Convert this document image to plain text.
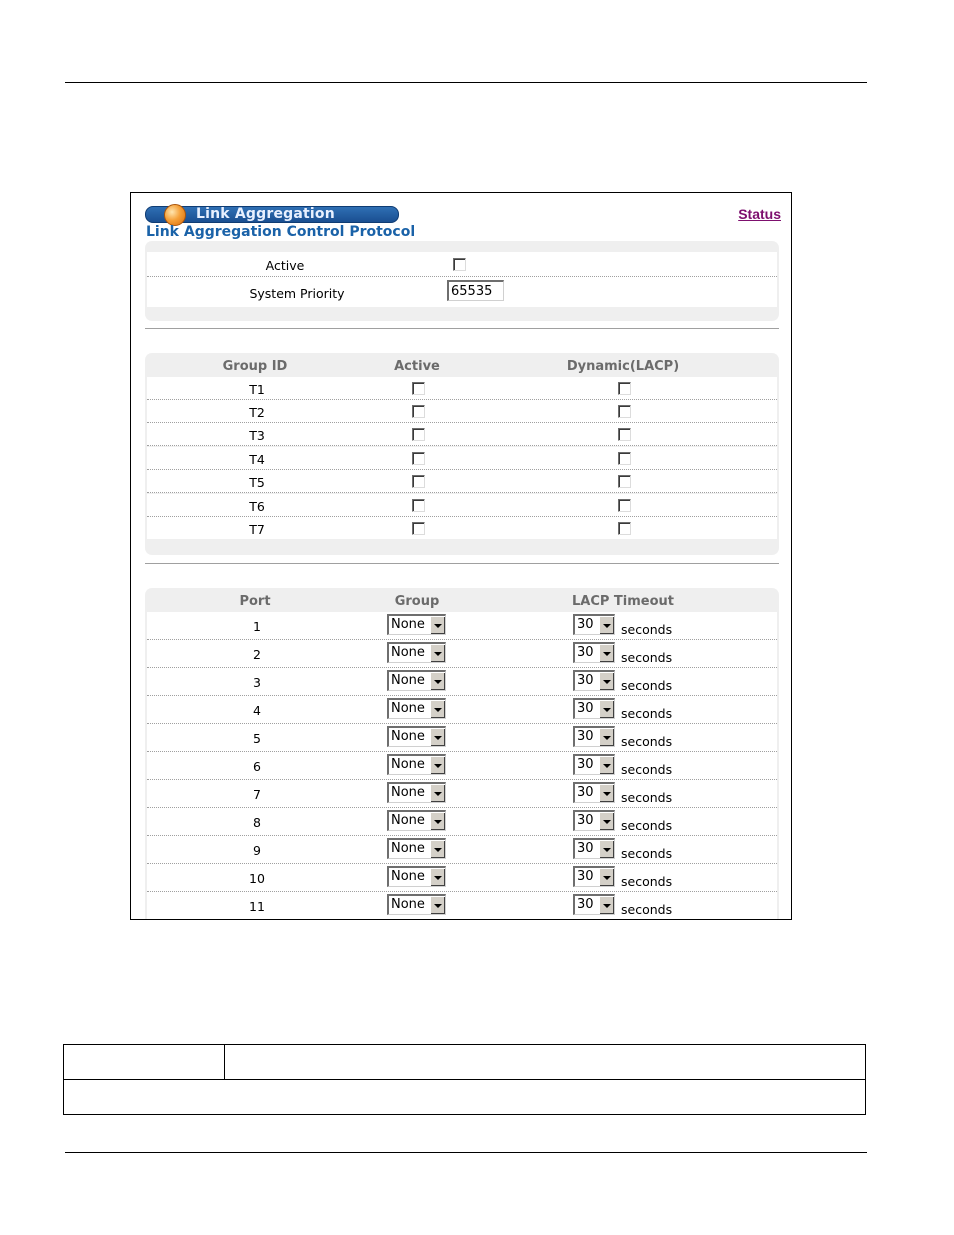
Link Aggregation	Status
Link Aggregation Control Protocol
Active
System Priority	65535
Group ID	Active	Dynamic(LACP)
T1
T2
T3
T4
T5
T6
T7
Port	Group	LACP Timeout
1	None	30	seconds
2	None	30	seconds
3	None	30	seconds
4	None	30	seconds
5	None	30	seconds
6	None	30	seconds
7	None	30	seconds
8	None	30	seconds
9	None	30	seconds
10	None	30	seconds
11	None	30	seconds
